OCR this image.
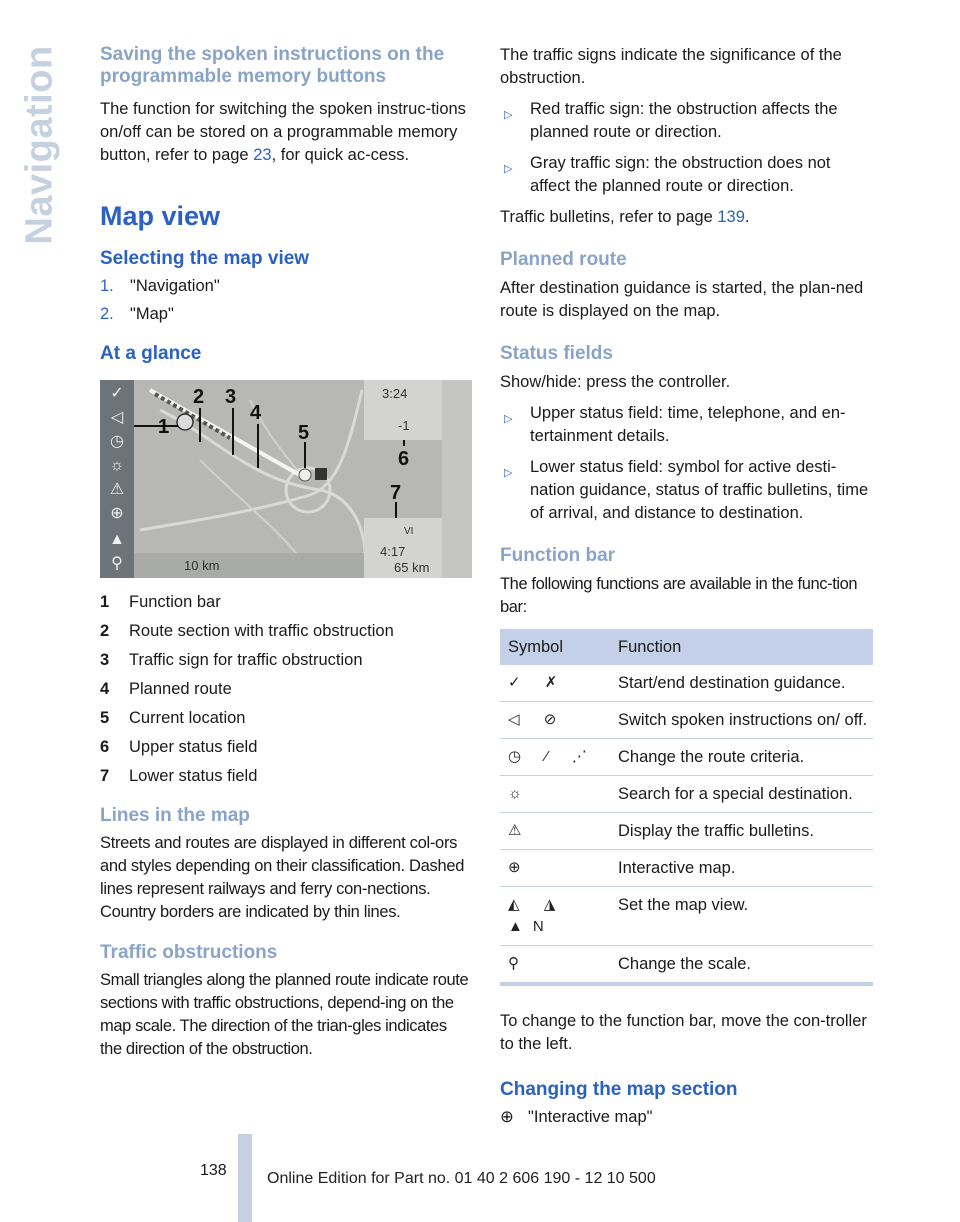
Navigation Saving the spoken instructions on the programmable memory buttons

The function for switching the spoken instruc-tions on/off can be stored on a programmable memory button, refer to page 23, for quick ac-cess.

Map view
Selecting the map view
1. "Navigation"
2. "Map"
At a glance
✓
◁
◷
☼
⚠
⊕
▲
⚲
3:24
-1
VI
4:17
65 km
10 km
1
2 3
4
5
6
7
1	Function bar
2	Route section with traffic obstruction
3	Traffic sign for traffic obstruction
4	Planned route
5	Current location
6	Upper status field
7	Lower status field
Lines in the map

Streets and routes are displayed in different col-ors and styles depending on their classification. Dashed lines represent railways and ferry con-nections. Country borders are indicated by thin lines.

Traffic obstructions

Small triangles along the planned route indicate route sections with traffic obstructions, depend-ing on the map scale. The direction of the trian-gles indicates the direction of the obstruction.

The traffic signs indicate the significance of the obstruction.

▷	Red traffic sign: the obstruction affects the planned route or direction.
▷	Gray traffic sign: the obstruction does not affect the planned route or direction.

Traffic bulletins, refer to page 139.

Planned route

After destination guidance is started, the plan-ned route is displayed on the map.

Status fields

Show/hide: press the controller.

▷	Upper status field: time, telephone, and en-tertainment details.
▷	Lower status field: symbol for active desti-nation guidance, status of traffic bulletins, time of arrival, and distance to destination.
Function bar

The following functions are available in the func-tion bar:

Symbol	Function
✓ ✗	Start/end destination guidance.
◁ ⊘	Switch spoken instructions on/ off.
◷ ⁄ ⋰	Change the route criteria.
☼	Search for a special destination.
⚠	Display the traffic bulletins.
⊕	Interactive map.
◭ ◮ ▲N	Set the map view.
⚲	Change the scale.

To change to the function bar, move the con-troller to the left.

Changing the map section

⊕ "Interactive map"

138	Online Edition for Part no. 01 40 2 606 190 - 12 10 500
